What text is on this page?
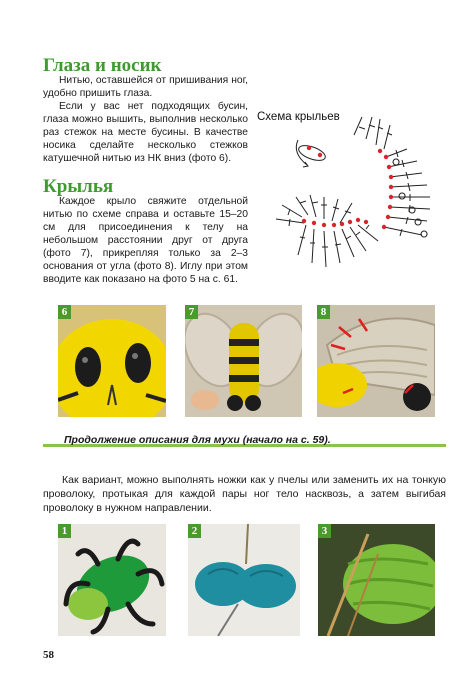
Глаза и носик

Нитью, оставшейся от пришивания ног, удобно пришить глаза.

Если у вас нет подходящих бусин, глаза можно вышить, выполнив несколько раз стежок на месте бусины. В качестве носика сделайте несколько стежков катушечной нитью из НК вниз (фото 6).

Крылья

Каждое крыло свяжите отдельной нитью по схеме справа и оставьте 15–20 см для присоединения к телу на небольшом расстоянии друг от друга (фото 7), прикрепляя только за 2–3 основания от угла (фото 8). Иглу при этом вводите как показано на фото 5 на с. 61.

Схема крыльев
6	7	8
Продолжение описания для мухи (начало на с. 59).

Как вариант, можно выполнять ножки как у пчелы или заменить их на тонкую проволоку, протыкая для каждой пары ног тело насквозь, а затем выгибая проволоку в нужном направлении.

1	2	3
58
